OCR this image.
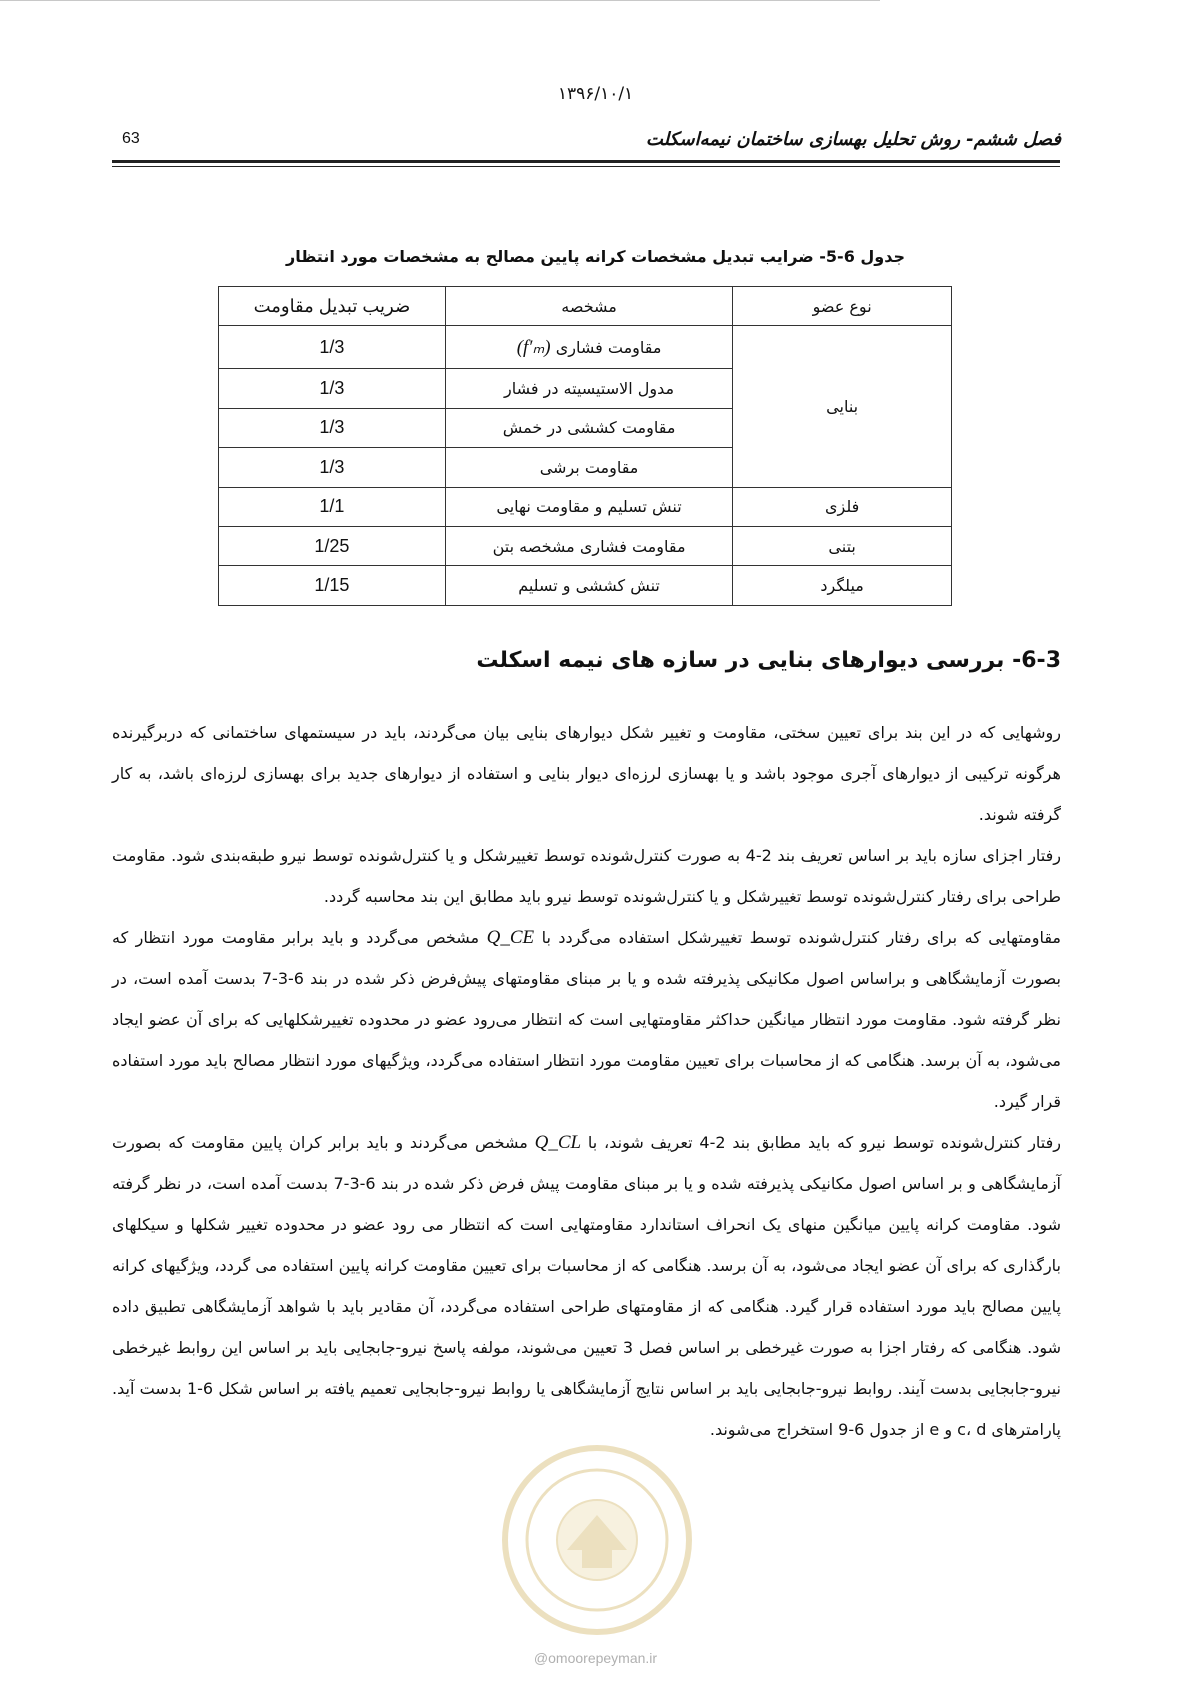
۱۳۹۶/۱۰/۱
63	فصل ششم- روش تحلیل بهسازی ساختمان نیمه‌اسکلت
جدول 6-5- ضرایب تبدیل مشخصات کرانه پایین مصالح به مشخصات مورد انتظار
نوع عضو	مشخصه	ضریب تبدیل مقاومت
بنایی	مقاومت فشاری (f′ₘ)	1/3
	مدول الاستیسیته در فشار	1/3
	مقاومت کششی در خمش	1/3
	مقاومت برشی	1/3
فلزی	تنش تسلیم و مقاومت نهایی	1/1
بتنی	مقاومت فشاری مشخصه بتن	1/25
میلگرد	تنش کششی و تسلیم	1/15
6-3- بررسی دیوارهای بنایی در سازه های نیمه اسکلت

روشهایی که در این بند برای تعیین سختی، مقاومت و تغییر شکل دیوارهای بنایی بیان می‌گردند، باید در سیستمهای ساختمانی که دربرگیرنده هرگونه ترکیبی از دیوارهای آجری موجود باشد و یا بهسازی لرزه‌ای دیوار بنایی و استفاده از دیوارهای جدید برای بهسازی لرزه‌ای باشد، به کار گرفته شوند.

رفتار اجزای سازه باید بر اساس تعریف بند 2-4 به صورت کنترل‌شونده توسط تغییرشکل و یا کنترل‌شونده توسط نیرو طبقه‌بندی شود. مقاومت طراحی برای رفتار کنترل‌شونده توسط تغییرشکل و یا کنترل‌شونده توسط نیرو باید مطابق این بند محاسبه گردد.

مقاومتهایی که برای رفتار کنترل‌شونده توسط تغییرشکل استفاده می‌گردد با Q_CE مشخص می‌گردد و باید برابر مقاومت مورد انتظار که بصورت آزمایشگاهی و براساس اصول مکانیکی پذیرفته شده و یا بر مبنای مقاومتهای پیش‌فرض ذکر شده در بند 6-3-7 بدست آمده است، در نظر گرفته شود. مقاومت مورد انتظار میانگین حداکثر مقاومتهایی است که انتظار می‌رود عضو در محدوده تغییرشکلهایی که برای آن عضو ایجاد می‌شود، به آن برسد. هنگامی که از محاسبات برای تعیین مقاومت مورد انتظار استفاده می‌گردد، ویژگیهای مورد انتظار مصالح باید مورد استفاده قرار گیرد.

رفتار کنترل‌شونده توسط نیرو که باید مطابق بند 2-4 تعریف شوند، با Q_CL مشخص می‌گردند و باید برابر کران پایین مقاومت که بصورت آزمایشگاهی و بر اساس اصول مکانیکی پذیرفته شده و یا بر مبنای مقاومت پیش فرض ذکر شده در بند 6-3-7 بدست آمده است، در نظر گرفته شود. مقاومت کرانه پایین میانگین منهای یک انحراف استاندارد مقاومتهایی است که انتظار می رود عضو در محدوده تغییر شکلها و سیکلهای بارگذاری که برای آن عضو ایجاد می‌شود، به آن برسد. هنگامی که از محاسبات برای تعیین مقاومت کرانه پایین استفاده می گردد، ویژگیهای کرانه پایین مصالح باید مورد استفاده قرار گیرد. هنگامی که از مقاومتهای طراحی استفاده می‌گردد، آن مقادیر باید با شواهد آزمایشگاهی تطبیق داده شود. هنگامی که رفتار اجزا به صورت غیرخطی بر اساس فصل 3 تعیین می‌شوند، مولفه پاسخ نیرو-جابجایی باید بر اساس این روابط غیرخطی نیرو-جابجایی بدست آیند. روابط نیرو-جابجایی باید بر اساس نتایج آزمایشگاهی یا روابط نیرو-جابجایی تعمیم یافته بر اساس شکل 6-1 بدست آید. پارامترهای c، d و e از جدول 6-9 استخراج می‌شوند.

@omoorepeyman.ir
